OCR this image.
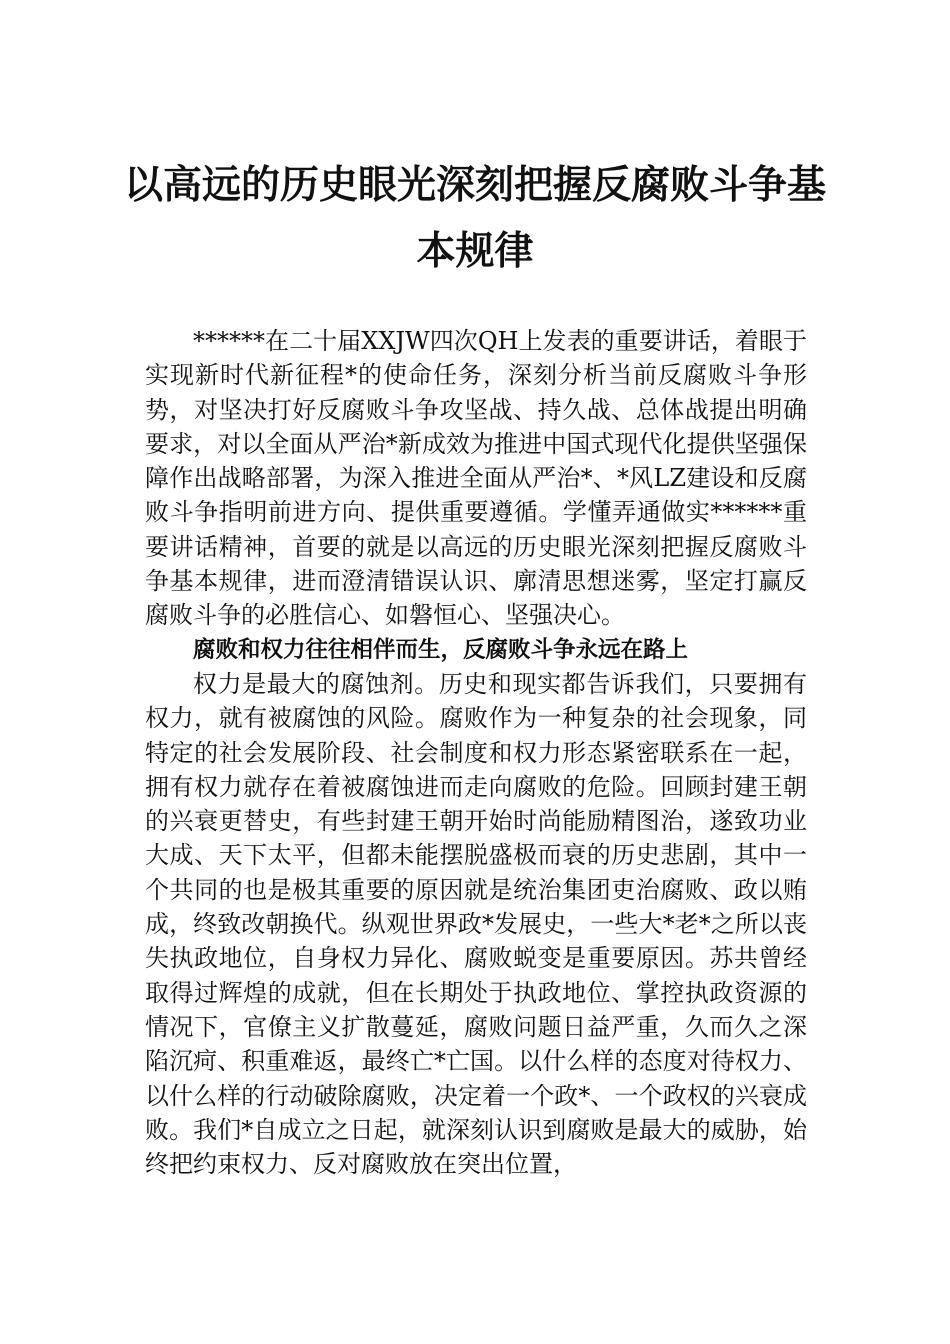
以高远的历史眼光深刻把握反腐败斗争基本规律

******在二十届XXJW四次QH上发表的重要讲话，着眼于实现新时代新征程*的使命任务，深刻分析当前反腐败斗争形势，对坚决打好反腐败斗争攻坚战、持久战、总体战提出明确要求，对以全面从严治*新成效为推进中国式现代化提供坚强保障作出战略部署，为深入推进全面从严治*、*风LZ建设和反腐败斗争指明前进方向、提供重要遵循。学懂弄通做实******重要讲话精神，首要的就是以高远的历史眼光深刻把握反腐败斗争基本规律，进而澄清错误认识、廓清思想迷雾，坚定打赢反腐败斗争的必胜信心、如磐恒心、坚强决心。

腐败和权力往往相伴而生，反腐败斗争永远在路上

权力是最大的腐蚀剂。历史和现实都告诉我们，只要拥有权力，就有被腐蚀的风险。腐败作为一种复杂的社会现象，同特定的社会发展阶段、社会制度和权力形态紧密联系在一起，拥有权力就存在着被腐蚀进而走向腐败的危险。回顾封建王朝的兴衰更替史，有些封建王朝开始时尚能励精图治，遂致功业大成、天下太平，但都未能摆脱盛极而衰的历史悲剧，其中一个共同的也是极其重要的原因就是统治集团吏治腐败、政以贿成，终致改朝换代。纵观世界政*发展史，一些大*老*之所以丧失执政地位，自身权力异化、腐败蜕变是重要原因。苏共曾经取得过辉煌的成就，但在长期处于执政地位、掌控执政资源的情况下，官僚主义扩散蔓延，腐败问题日益严重，久而久之深陷沉疴、积重难返，最终亡*亡国。以什么样的态度对待权力、以什么样的行动破除腐败，决定着一个政*、一个政权的兴衰成败。我们*自成立之日起，就深刻认识到腐败是最大的威胁，始终把约束权力、反对腐败放在突出位置，
